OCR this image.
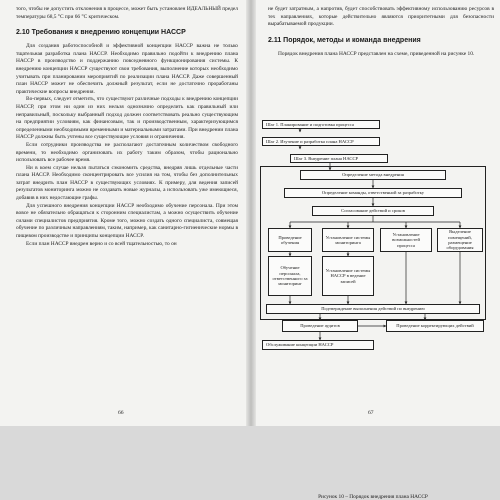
того, чтобы не допустить отклонения в процессе, может быть установлен ИДЕАЛЬНЫЙ предел температуры 68,5 °С при 66 °С критическом.

2.10 Требования к внедрению концепции НАССР

Для создания работоспособной и эффективной концепции НАССР важна не только тщательная разработка плана НАССР. Необходимо правильно подойти к внедрению плана НАССР в производство и поддержанию повседневного функционирования системы. К внедрению концепции НАССР существуют свои требования, выполнение которых необходимо учитывать при планировании мероприятий по реализации плана НАССР. Даже совершенный план НАССР может не обеспечить должный результат, если не достаточно проработаны практические вопросы внедрения.

Во-первых, следует отметить, что существуют различные подходы к внедрению концепции НАССР, при этом ни один из них нельзя однозначно определить как правильный или неправильный, поскольку выбранный подход должен соответствовать реально существующим на предприятии условиям, как финансовым, так и производственным, характеризующимся определенными необходимыми временными и материальными затратами. При внедрении плана НАССР должны быть учтены все существующие условия и ограничения.

Если сотрудники производства не располагают достаточным количеством свободного времени, то необходимо организовать их работу таким образом, чтобы рационально использовать все рабочее время.

Ни в коем случае нельзя пытаться сэкономить средства, внедряя лишь отдельные части плана НАССР. Необходимо сконцентрировать все усилия на том, чтобы без дополнительных затрат внедрить план НАССР в существующих условиях. К примеру, для ведения записей результатов мониторинга можно не создавать новые журналы, а использовать уже имеющиеся, добавив в них недостающие графы.

Для успешного внедрения концепции НАССР необходимо обучение персонала. При этом вовсе не обязательно обращаться к сторонним специалистам, а можно осуществить обучение силами специалистов предприятия. Кроме того, можно создать одного специалиста, совмещая обучение по различным направлениям, таким, например, как санитарно-гигиенические нормы в пищевом производстве и принципы концепции НАССР.

Если план НАССР внедрен верно и со всей тщательностью, то он

66

не будет затратным, а напротив, будет способствовать эффективному использованию ресурсов в тех направлениях, которые действительно являются приоритетными для безопасности вырабатываемой продукции.

2.11 Порядок, методы и команда внедрения

Порядок внедрения плана НАССР представлен на схеме, приведенной на рисунке 10.

Шаг 1. Планирование и подготовка процесса
Шаг 2. Изучение и разработка плана НАССР
Шаг 3. Внедрение плана НАССР
Определение метода внедрения
Определение команды, ответственной за разработку
Согласование действий и сроков
Проведение обучения
Установление системы мониторинга
Установление возможностей процесса
Выделение помещений, размещение оборудования
Обучение персонала, ответственного за мониторинг
Установление системы НАССР в ведение записей
Подтверждение выполнения действий по внедрению
Проведение аудитов	Проведение корректирующих действий
Обслуживание концепции НАССР
Рисунок 10 – Порядок внедрения плана НАССР
67
